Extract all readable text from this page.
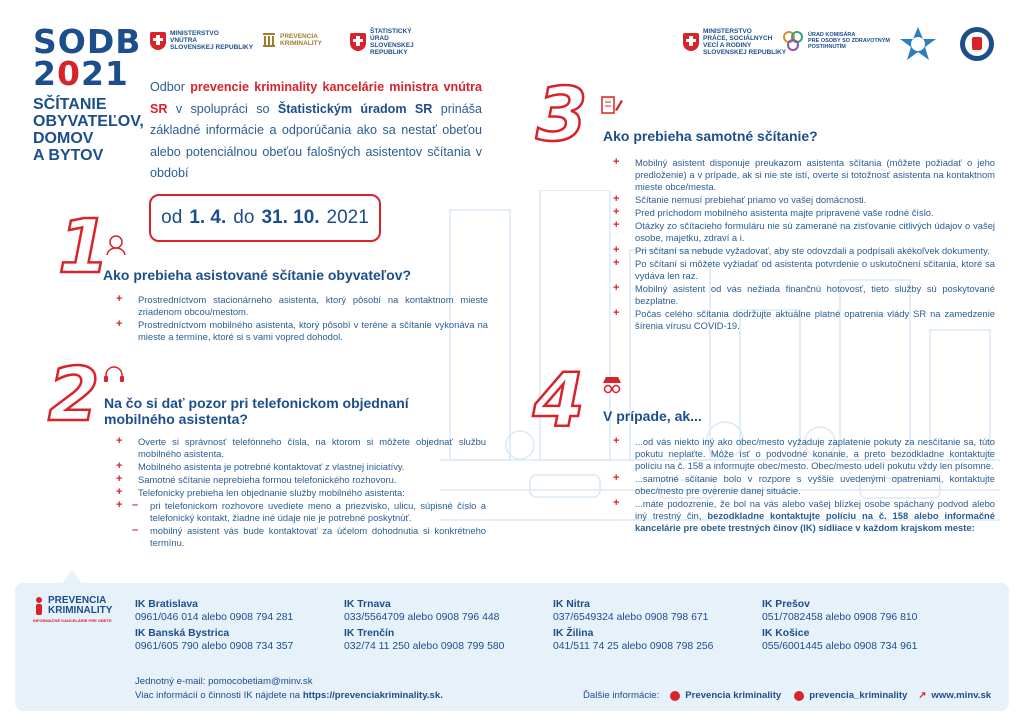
SODB
2021
SČÍTANIE
OBYVATEĽOV,
DOMOV
A BYTOV
MINISTERSTVO
VNÚTRA
SLOVENSKEJ REPUBLIKY
PREVENCIA
KRIMINALITY
ŠTATISTICKÝ
ÚRAD
SLOVENSKEJ
REPUBLIKY
MINISTERSTVO
PRÁCE, SOCIÁLNYCH
VECÍ A RODINY
SLOVENSKEJ REPUBLIKY
ÚRAD KOMISÁRA
PRE OSOBY SO ZDRAVOTNÝM
POSTIHNUTÍM
Odbor prevencie kriminality kancelárie ministra vnútra SR v spolupráci so Štatistickým úradom SR prináša základné informácie a odporúčania ako sa nestať obeťou alebo potenciálnou obeťou falošných asistentov sčítania v období
od 1. 4. do 31. 10. 2021
1
Ako prebieha asistované sčítanie obyvateľov?
+ Prostredníctvom stacionárneho asistenta, ktorý pôsobí na kontaktnom mieste zriadenom obcou/mestom.
+ Prostredníctvom mobilného asistenta, ktorý pôsobí v teréne a sčítanie vykonáva na mieste a termíne, ktoré si s vami vopred dohodol.
2 Na čo si dať pozor pri telefonickom objednaní mobilného asistenta?
+ Overte si správnosť telefónneho čísla, na ktorom si môžete objednať službu mobilného asistenta.
+ Mobilného asistenta je potrebné kontaktovať z vlastnej iniciatívy.
+ Samotné sčítanie neprebieha formou telefonického rozhovoru.
+ Telefonicky prebieha len objednanie služby mobilného asistenta:
– + pri telefonickom rozhovore uvediete meno a priezvisko, ulicu, súpisné číslo a telefonický kontakt, žiadne iné údaje nie je potrebné poskytnúť.
– mobilný asistent vás bude kontaktovať za účelom dohodnutia si konkrétneho termínu.
3 Ako prebieha samotné sčítanie?
+ Mobilný asistent disponuje preukazom asistenta sčítania (môžete požiadať o jeho predloženie) a v prípade, ak si nie ste istí, overte si totožnosť asistenta na kontaktnom mieste obce/mesta.
+ Sčítanie nemusí prebiehať priamo vo vašej domácnosti.
+ Pred príchodom mobilného asistenta majte pripravené vaše rodné číslo.
+ Otázky zo sčítacieho formuláru nie sú zamerané na zisťovanie citlivých údajov o vašej osobe, majetku, zdraví a i.
+ Pri sčítaní sa nebude vyžadovať, aby ste odovzdali a podpísali akékoľvek dokumenty.
+ Po sčítaní si môžete vyžiadať od asistenta potvrdenie o uskutočnení sčítania, ktoré sa vydáva len raz.
+ Mobilný asistent od vás nežiada finančnú hotovosť, tieto služby sú poskytované bezplatne.
+ Počas celého sčítania dodržujte aktuálne platné opatrenia vlády SR na zamedzenie šírenia vírusu COVID-19.
4 V prípade, ak...
+ ...od vás niekto iný ako obec/mesto vyžaduje zaplatenie pokuty za nesčítanie sa, túto pokutu neplaťte. Môže ísť o podvodné konanie, a preto bezodkladne kontaktujte políciu na č. 158 a informujte obec/mesto. Obec/mesto udelí pokutu vždy len písomne.
+ ...samotné sčítanie bolo v rozpore s vyššie uvedenými opatreniami, kontaktujte obec/mesto pre overenie danej situácie.
+ ...máte podozrenie, že bol na vás alebo vašej blízkej osobe spáchaný podvod alebo iný trestný čin, bezodkladne kontaktujte políciu na č. 158 alebo informačné kancelárie pre obete trestných činov (IK) sídliace v každom krajskom meste:
PREVENCIA
KRIMINALITY
INFORMAČNÉ KANCELÁRIE PRE OBETE
IK Bratislava
0961/046 014 alebo 0908 794 281
IK Banská Bystrica
0961/605 790 alebo 0908 734 357
IK Trnava
033/5564709 alebo 0908 796 448
IK Trenčín
032/74 11 250 alebo 0908 799 580
IK Nitra
037/6549324 alebo 0908 798 671
IK Žilina
041/511 74 25 alebo 0908 798 256
IK Prešov
051/7082458 alebo 0908 796 810
IK Košice
055/6001445 alebo 0908 734 961
Jednotný e-mail: pomocobetiam@minv.sk
Viac informácií o činnosti IK nájdete na https://prevenciakriminality.sk.	Ďalšie informácie:	Prevencia kriminality	prevencia_kriminality ↗ www.minv.sk
